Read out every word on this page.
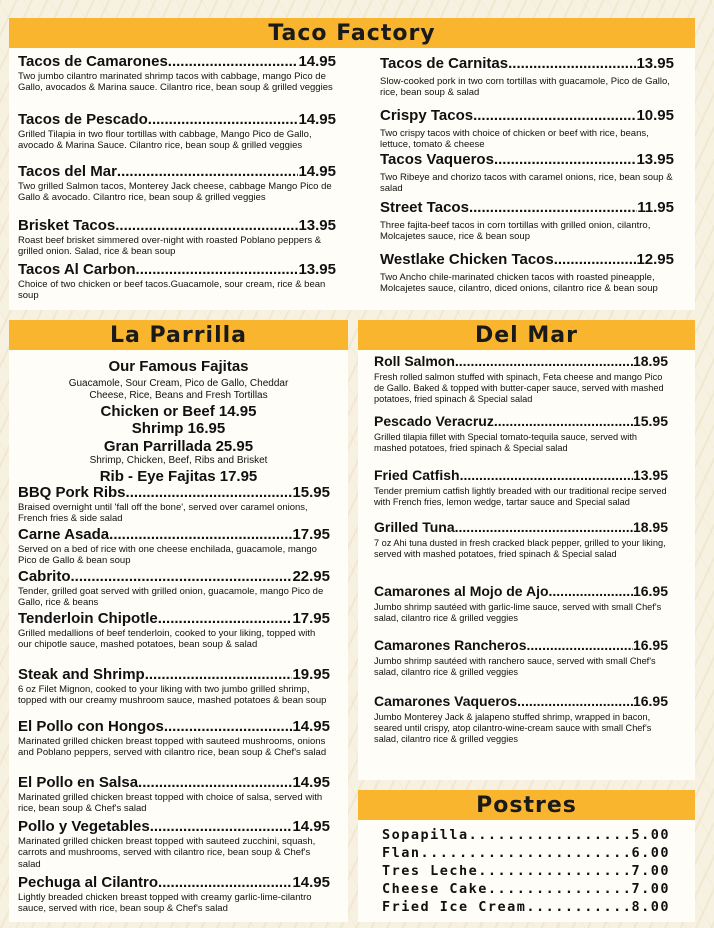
Taco Factory
Tacos de Camarones .....	14.95
Two jumbo cilantro marinated shrimp tacos with cabbage, mango Pico de Gallo, avocados & Marina sauce. Cilantro rice, bean soup & grilled veggies
Tacos de Pescado .....	14.95
Grilled Tilapia in two flour tortillas with cabbage, Mango Pico de Gallo, avocado & Marina Sauce. Cilantro rice, bean soup & grilled veggies
Tacos del Mar .....	14.95
Two grilled Salmon tacos, Monterey Jack cheese, cabbage Mango Pico de Gallo & avocado. Cilantro rice, bean soup & grilled veggies
Brisket Tacos .....	13.95
Roast beef brisket simmered over-night with roasted Poblano peppers & grilled onion. Salad, rice & bean soup
Tacos Al Carbon .....	13.95
Choice of two chicken or beef tacos.Guacamole, sour cream, rice & bean soup
Tacos de Carnitas .....	13.95
Slow-cooked pork in two corn tortillas with guacamole, Pico de Gallo, rice, bean soup & salad
Crispy Tacos .....	10.95
Two crispy tacos with choice of chicken or beef with rice, beans, lettuce, tomato & cheese
Tacos Vaqueros .....	13.95
Two Ribeye and chorizo tacos with caramel onions, rice, bean soup & salad
Street Tacos .....	11.95
Three fajita-beef tacos in corn tortillas with grilled onion, cilantro, Molcajetes sauce, rice & bean soup
Westlake Chicken Tacos .....	12.95
Two Ancho chile-marinated chicken tacos with roasted pineapple, Molcajetes sauce, cilantro, diced onions, cilantro rice & bean soup
La Parrilla
Our Famous Fajitas
Guacamole, Sour Cream, Pico de Gallo, Cheddar
Cheese, Rice, Beans and Fresh Tortillas
Chicken or Beef 14.95
Shrimp 16.95
Gran Parrillada 25.95
Shrimp, Chicken, Beef, Ribs and Brisket
Rib - Eye Fajitas 17.95
BBQ Pork Ribs .....	15.95
Braised overnight until 'fall off the bone', served over caramel onions, French fries & side salad
Carne Asada .....	17.95
Served on a bed of rice with one cheese enchilada, guacamole, mango Pico de Gallo & bean soup
Cabrito .....	22.95
Tender, grilled goat served with grilled onion, guacamole, mango Pico de Gallo, rice & beans
Tenderloin Chipotle .....	17.95
Grilled medallions of beef tenderloin, cooked to your liking, topped with our chipotle sauce, mashed potatoes, bean soup & salad
Steak and Shrimp .....	19.95
6 oz Filet Mignon, cooked to your liking with two jumbo grilled shrimp, topped with our creamy mushroom sauce, mashed potatoes & bean soup
El Pollo con Hongos .....	14.95
Marinated grilled chicken breast topped with sauteed mushrooms, onions and Poblano peppers, served with cilantro rice, bean soup & Chef's salad
El Pollo en Salsa .....	14.95
Marinated grilled chicken breast topped with choice of salsa, served with rice, bean soup & Chef's salad
Pollo y Vegetables .....	14.95
Marinated grilled chicken breast topped with sauteed zucchini, squash, carrots and mushrooms, served with cilantro rice, bean soup & Chef's salad
Pechuga al Cilantro .....	14.95
Lightly breaded chicken breast topped with creamy garlic-lime-cilantro sauce, served with rice, bean soup & Chef's salad
Del Mar
Roll Salmon .....	18.95
Fresh rolled salmon stuffed with spinach, Feta cheese and mango Pico de Gallo. Baked & topped with butter-caper sauce, served with mashed potatoes, fried spinach & Special salad
Pescado Veracruz .....	15.95
Grilled tilapia fillet with Special tomato-tequila sauce, served with mashed potatoes, fried spinach & Special salad
Fried Catfish .....	13.95
Tender premium catfish lightly breaded with our traditional recipe served with French fries, lemon wedge, tartar sauce and Special salad
Grilled Tuna .....	18.95
7 oz Ahi tuna dusted in fresh cracked black pepper, grilled to your liking, served with mashed potatoes, fried spinach & Special salad
Camarones al Mojo de Ajo .....	16.95
Jumbo shrimp sautéed with garlic-lime sauce, served with small Chef's salad, cilantro rice & grilled veggies
Camarones Rancheros .....	16.95
Jumbo shrimp sautéed with ranchero sauce, served with small Chef's salad, cilantro rice & grilled veggies
Camarones Vaqueros .....	16.95
Jumbo Monterey Jack & jalapeno stuffed shrimp, wrapped in bacon, seared until crispy, atop cilantro-wine-cream sauce with small Chef's salad, cilantro rice & grilled veggies
Postres
Sopapilla .....	5.00
Flan .....	6.00
Tres Leche .....	7.00
Cheese Cake .....	7.00
Fried Ice Cream .....	8.00
